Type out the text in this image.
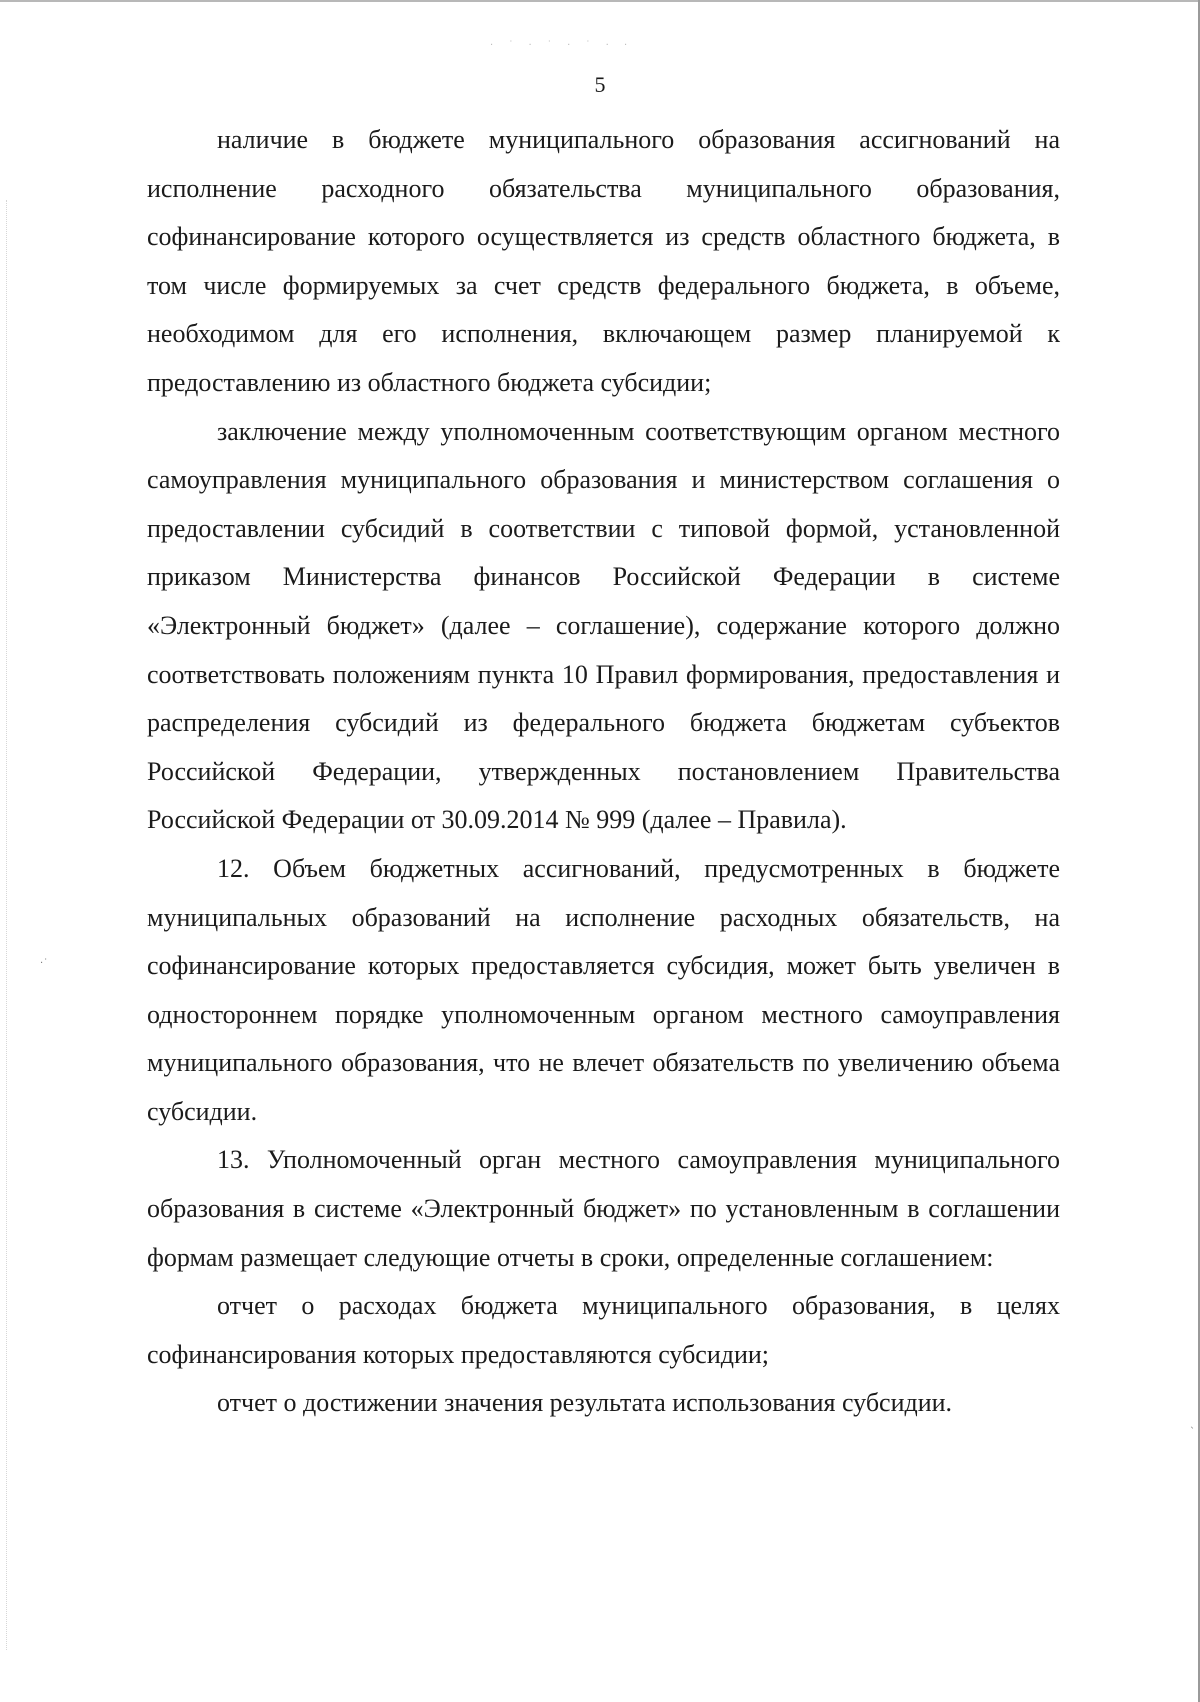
·˙
ˎ
· ˙ · ˙ · ˙ · ·
5

наличие в бюджете муниципального образования ассигнований на исполнение расходного обязательства муниципального образования, софинансирование которого осуществляется из средств областного бюджета, в том числе формируемых за счет средств федерального бюджета, в объеме, необходимом для его исполнения, включающем размер планируемой к предоставлению из областного бюджета субсидии;

заключение между уполномоченным соответствующим органом местного самоуправления муниципального образования и министерством соглашения о предоставлении субсидий в соответствии с типовой формой, установленной приказом Министерства финансов Российской Федерации в системе «Электронный бюджет» (далее – соглашение), содержание которого должно соответствовать положениям пункта 10 Правил формирования, предоставления и распределения субсидий из федерального бюджета бюджетам субъектов Российской Федерации, утвержденных постановлением Правительства Российской Федерации от 30.09.2014 № 999 (далее – Правила).

12. Объем бюджетных ассигнований, предусмотренных в бюджете муниципальных образований на исполнение расходных обязательств, на софинансирование которых предоставляется субсидия, может быть увеличен в одностороннем порядке уполномоченным органом местного самоуправления муниципального образования, что не влечет обязательств по увеличению объема субсидии.

13. Уполномоченный орган местного самоуправления муниципального образования в системе «Электронный бюджет» по установленным в соглашении формам размещает следующие отчеты в сроки, определенные соглашением:

отчет о расходах бюджета муниципального образования, в целях софинансирования которых предоставляются субсидии;

отчет о достижении значения результата использования субсидии.
